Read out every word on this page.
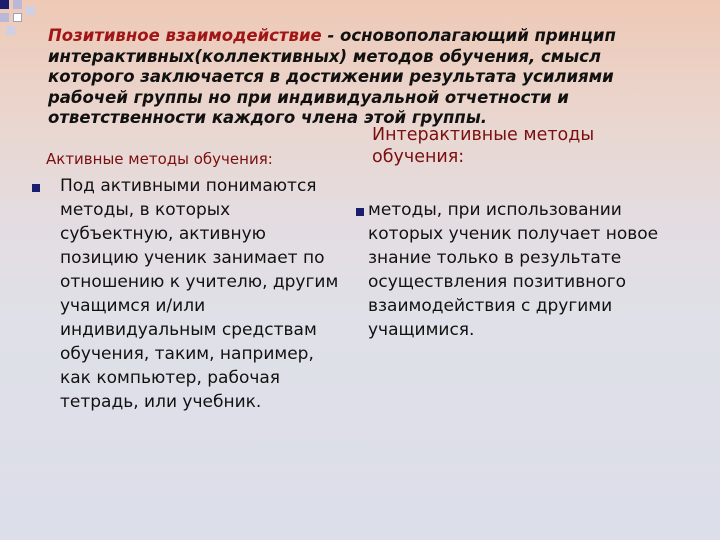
Позитивное взаимодействие - основополагающий принцип
интерактивных(коллективных) методов обучения, смысл
которого заключается в достижении результата усилиями
рабочей группы но при индивидуальной отчетности и
ответственности каждого члена этой группы.

Интерактивные методы
обучения:

Активные методы обучения:

Под активными понимаются
методы, в которых
субъектную, активную
позицию ученик занимает по
отношению к учителю, другим
учащимся и/или
индивидуальным средствам
обучения, таким, например,
как компьютер, рабочая
тетрадь, или учебник.

методы, при использовании
которых ученик получает новое
знание только в результате
осуществления позитивного
взаимодействия с другими
учащимися.
